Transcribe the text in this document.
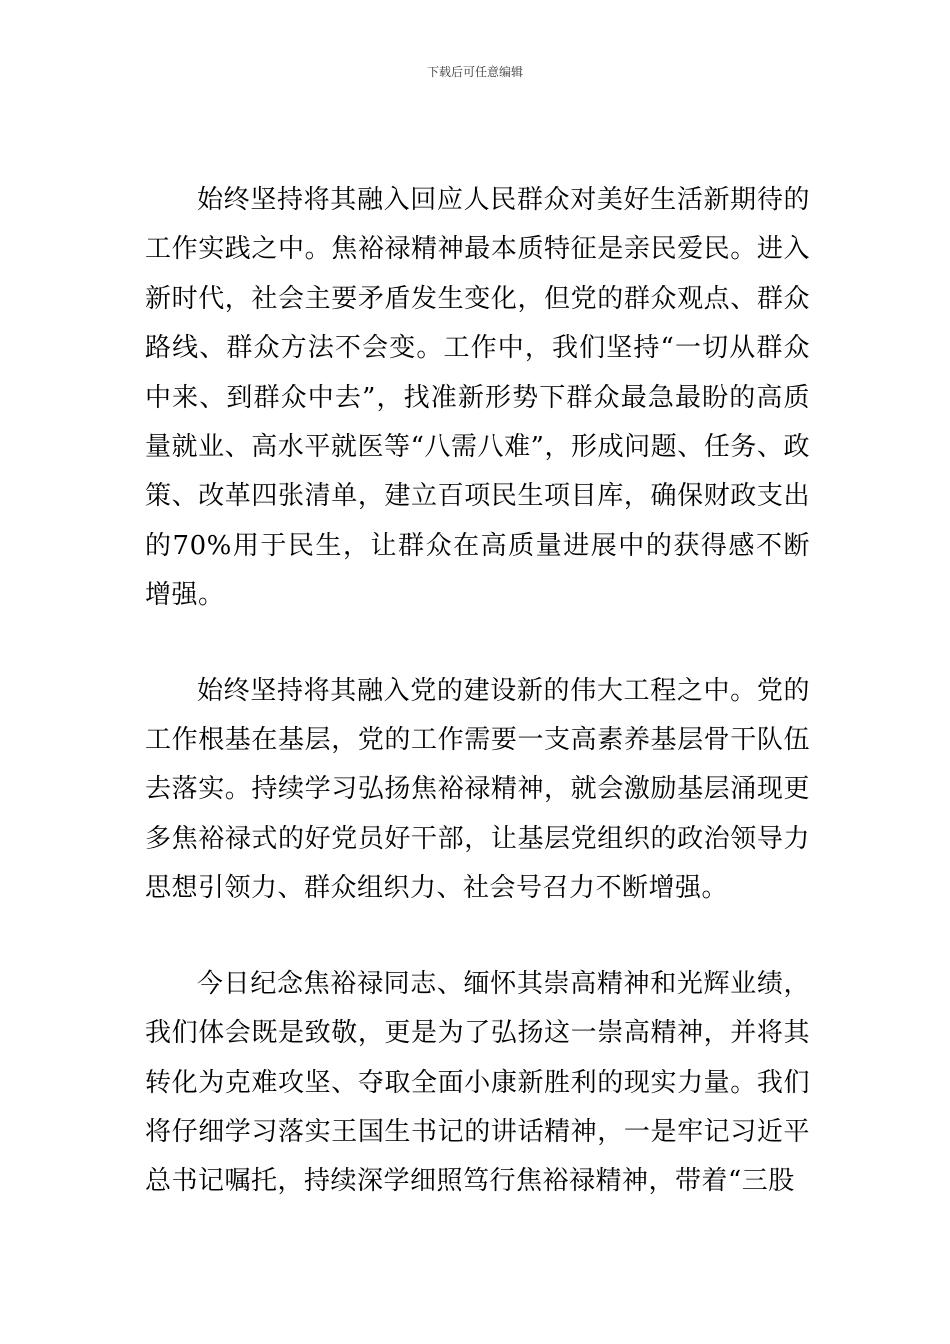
下载后可任意编辑

始终坚持将其融入回应人民群众对美好生活新期待的工作实践之中。焦裕禄精神最本质特征是亲民爱民。进入新时代，社会主要矛盾发生变化，但党的群众观点、群众路线、群众方法不会变。工作中，我们坚持“一切从群众中来、到群众中去”，找准新形势下群众最急最盼的高质量就业、高水平就医等“八需八难”，形成问题、任务、政策、改革四张清单，建立百项民生项目库，确保财政支出的70%用于民生，让群众在高质量进展中的获得感不断增强。

始终坚持将其融入党的建设新的伟大工程之中。党的工作根基在基层，党的工作需要一支高素养基层骨干队伍去落实。持续学习弘扬焦裕禄精神，就会激励基层涌现更多焦裕禄式的好党员好干部，让基层党组织的政治领导力思想引领力、群众组织力、社会号召力不断增强。

今日纪念焦裕禄同志、缅怀其崇高精神和光辉业绩，我们体会既是致敬，更是为了弘扬这一崇高精神，并将其转化为克难攻坚、夺取全面小康新胜利的现实力量。我们将仔细学习落实王国生书记的讲话精神，一是牢记习近平总书记嘱托，持续深学细照笃行焦裕禄精神，带着“三股
